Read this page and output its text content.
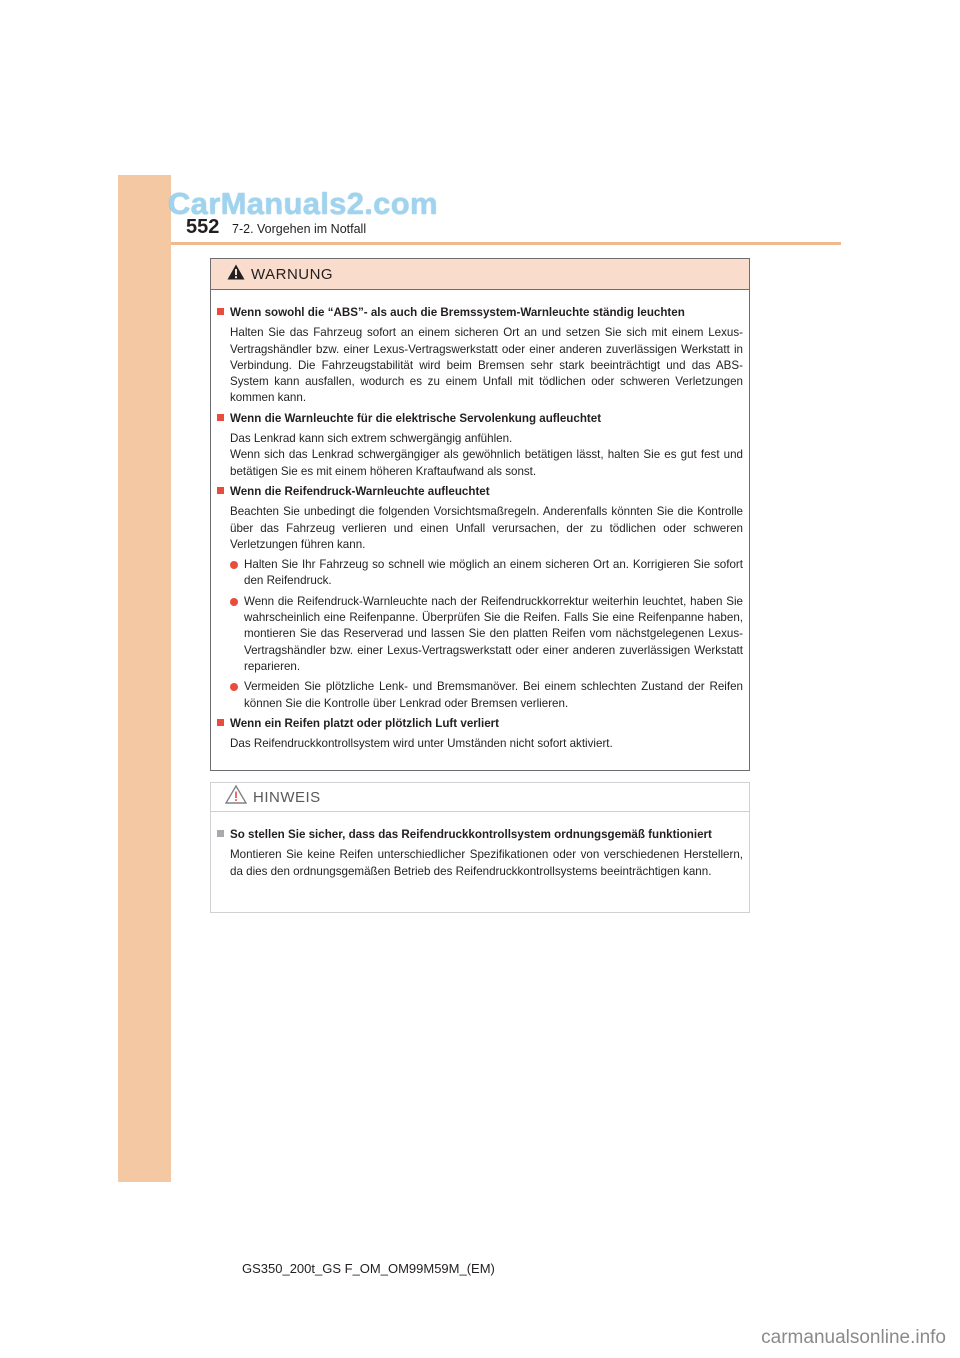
CarManuals2.com
552 7-2. Vorgehen im Notfall
WARNUNG
Wenn sowohl die “ABS”- als auch die Bremssystem-Warnleuchte ständig leuchten
Halten Sie das Fahrzeug sofort an einem sicheren Ort an und setzen Sie sich mit einem Lexus-Vertragshändler bzw. einer Lexus-Vertragswerkstatt oder einer anderen zuverlässigen Werkstatt in Verbindung. Die Fahrzeugstabilität wird beim Bremsen sehr stark beeinträchtigt und das ABS-System kann ausfallen, wodurch es zu einem Unfall mit tödlichen oder schweren Verletzungen kommen kann.
Wenn die Warnleuchte für die elektrische Servolenkung aufleuchtet
Das Lenkrad kann sich extrem schwergängig anfühlen.
Wenn sich das Lenkrad schwergängiger als gewöhnlich betätigen lässt, halten Sie es gut fest und betätigen Sie es mit einem höheren Kraftaufwand als sonst.
Wenn die Reifendruck-Warnleuchte aufleuchtet
Beachten Sie unbedingt die folgenden Vorsichtsmaßregeln. Anderenfalls könnten Sie die Kontrolle über das Fahrzeug verlieren und einen Unfall verursachen, der zu tödlichen oder schweren Verletzungen führen kann.
Halten Sie Ihr Fahrzeug so schnell wie möglich an einem sicheren Ort an. Korrigieren Sie sofort den Reifendruck.
Wenn die Reifendruck-Warnleuchte nach der Reifendruckkorrektur weiterhin leuchtet, haben Sie wahrscheinlich eine Reifenpanne. Überprüfen Sie die Reifen. Falls Sie eine Reifenpanne haben, montieren Sie das Reserverad und lassen Sie den platten Reifen vom nächstgelegenen Lexus-Vertragshändler bzw. einer Lexus-Vertragswerkstatt oder einer anderen zuverlässigen Werkstatt reparieren.
Vermeiden Sie plötzliche Lenk- und Bremsmanöver. Bei einem schlechten Zustand der Reifen können Sie die Kontrolle über Lenkrad oder Bremsen verlieren.
Wenn ein Reifen platzt oder plötzlich Luft verliert
Das Reifendruckkontrollsystem wird unter Umständen nicht sofort aktiviert.
HINWEIS
So stellen Sie sicher, dass das Reifendruckkontrollsystem ordnungsgemäß funktioniert
Montieren Sie keine Reifen unterschiedlicher Spezifikationen oder von verschiedenen Herstellern, da dies den ordnungsgemäßen Betrieb des Reifendruckkontrollsystems beeinträchtigen kann.
GS350_200t_GS F_OM_OM99M59M_(EM)
carmanualsonline.info
